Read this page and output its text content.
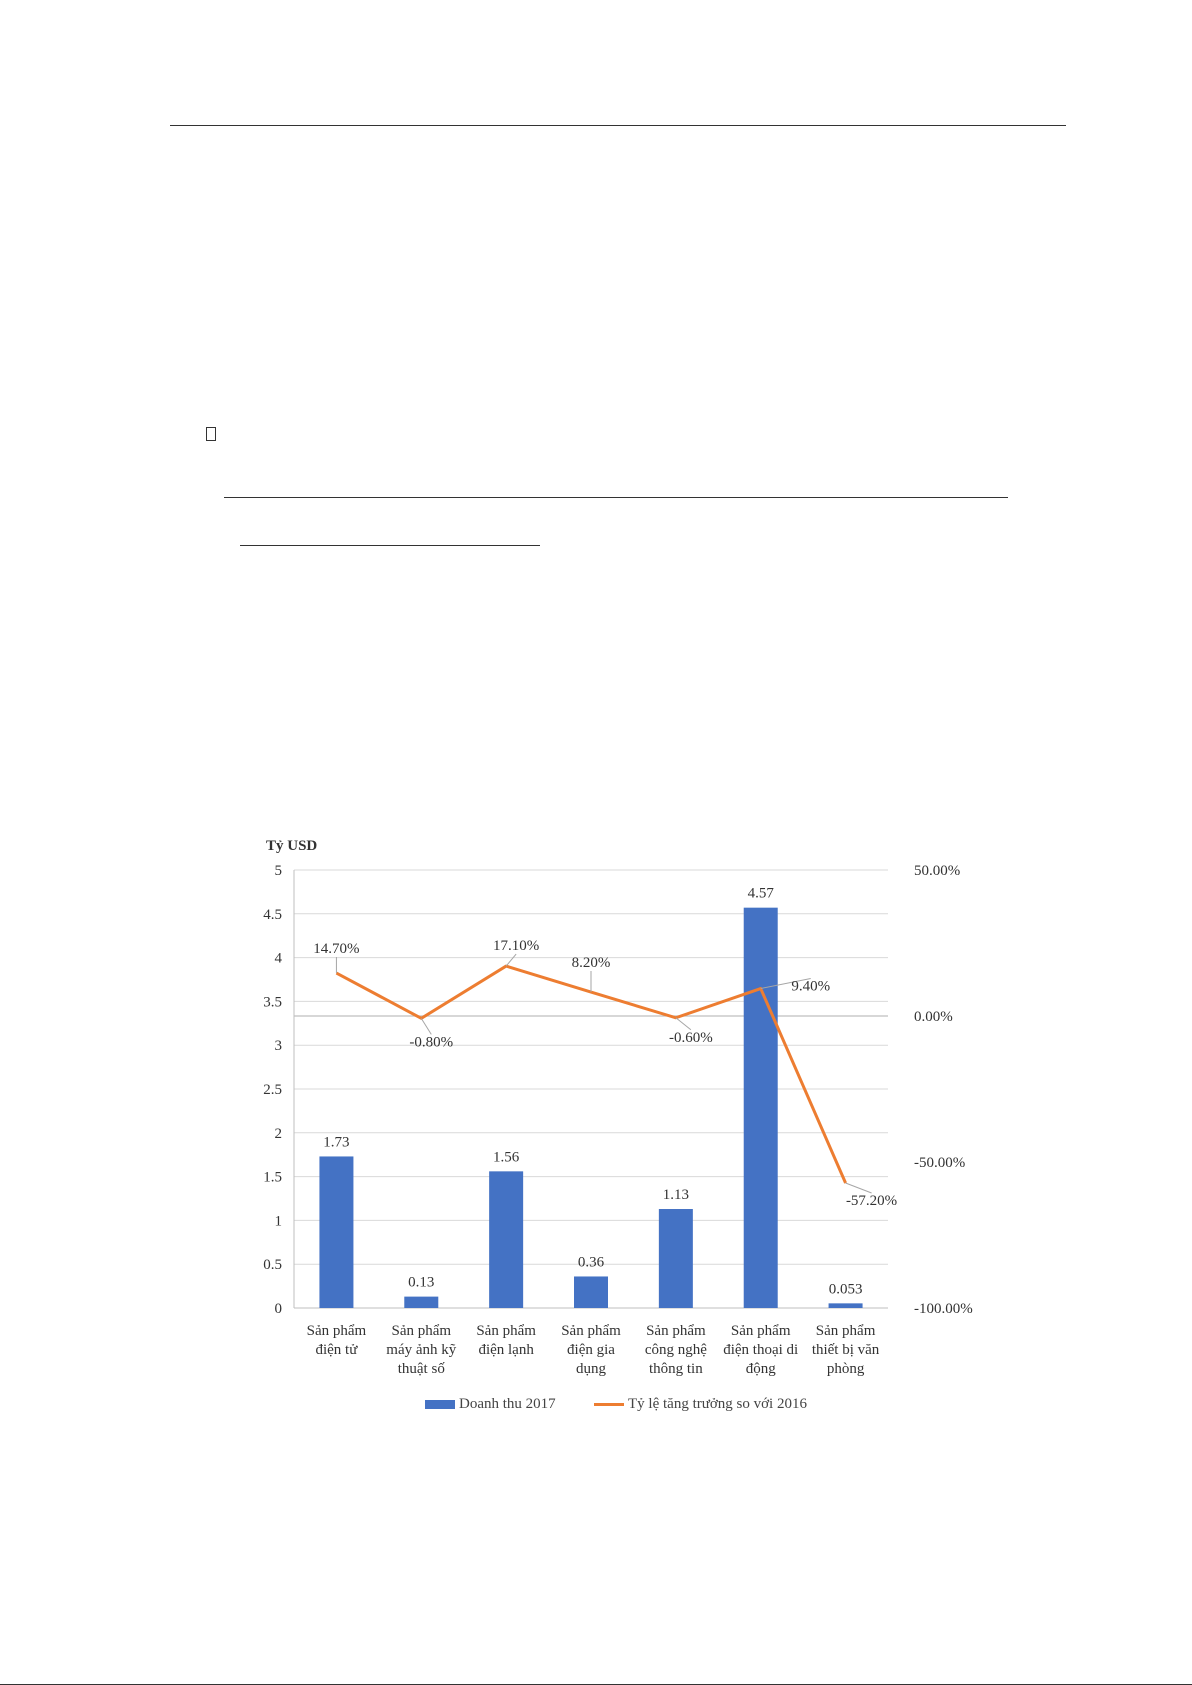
0
0.5
1
1.5
2
2.5
3
3.5
4
4.5
5
Tỷ USD
-100.00%
-50.00%
0.00%
50.00%
1.73
0.13
1.56
0.36
1.13
4.57
0.053
Sản phẩm
điện tử
Sản phẩm
máy ảnh kỹ
thuật số
Sản phẩm
điện lạnh
Sản phẩm
điện gia
dụng
Sản phẩm
công nghệ
thông tin
Sản phẩm
điện thoại di
động
Sản phẩm
thiết bị văn
phòng
14.70%
-0.80%
17.10%
8.20%
-0.60%
9.40%
-57.20%
Doanh thu 2017	Tỷ lệ tăng trưởng so với 2016
